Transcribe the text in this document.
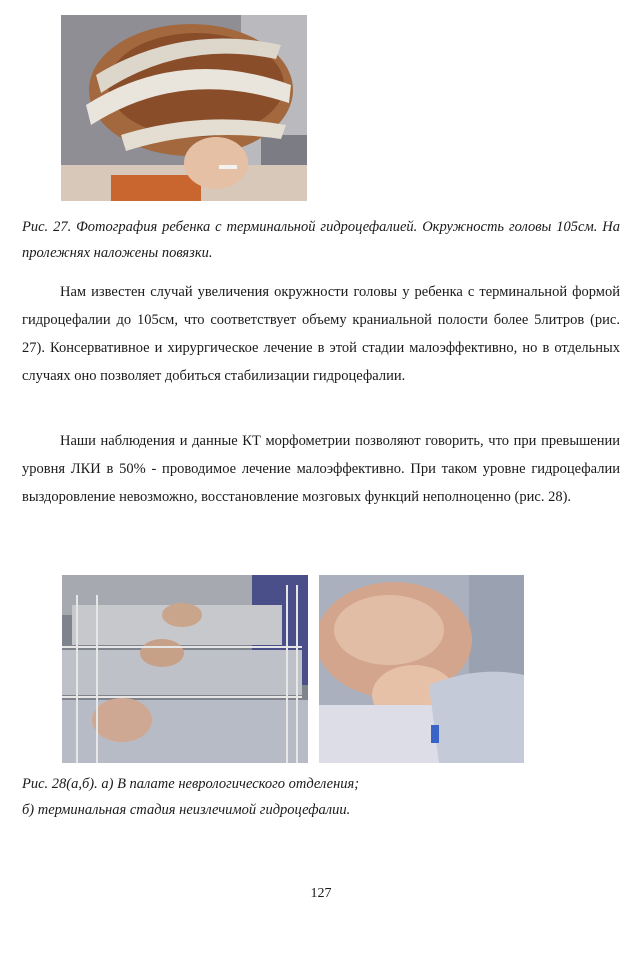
Рис. 27. Фотография ребенка с терминальной гидроцефалией. Окружность головы 105см. На пролежнях наложены повязки.

Нам известен случай увеличения окружности головы у ребенка с терминальной формой гидроцефалии до 105см, что соответствует объему краниальной полости более 5литров (рис. 27). Консервативное и хирургическое лечение в этой стадии малоэффективно, но в отдельных случаях оно позволяет добиться стабилизации гидроцефалии.

Наши наблюдения и данные КТ морфометрии позволяют говорить, что при превышении уровня ЛКИ в 50% - проводимое лечение малоэффективно. При таком уровне гидроцефалии выздоровление невозможно, восстановление мозговых функций неполноценно (рис. 28).

Рис. 28(а,б). а) В палате неврологического отделения;

б) терминальная стадия неизлечимой гидроцефалии.

127
